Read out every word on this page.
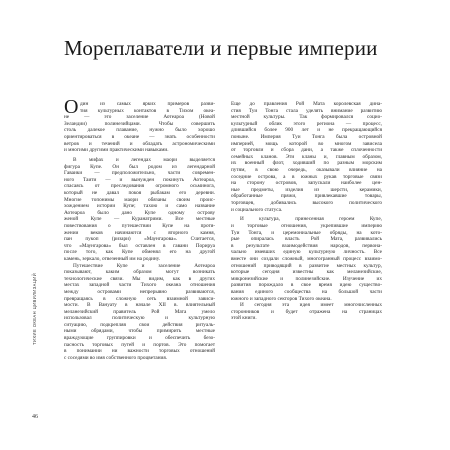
Мореплаватели и первые империи
О дин из самых ярких примеров разви-
тия культурных контактов в Тихом океа-
не — это заселение Аотеароа (Новой
Зеландии) полинезийцами. Чтобы совершить
столь далекое плавание, нужно было хорошо
ориентироваться в океане — знать особенности
ветров и течений и обладать астрономическими
и многими другими практическими навыками.
В мифах и легендах маори выделяется
фигура Купе. Он был родом из легендарной
Гаваики — предположительно, части современ-
ного Таити — и вынужден покинуть Аотеароа,
спасаясь от преследования огромного осьминога,
который не давал покоя рыбакам его деревни.
Многие топонимы маори обязаны своим проис-
хождением истории Купе; тахою и само название
Аотеароа было дано Купе одному острову
женой Купе — Куранатрими. Все местные
повествования о путешествии Купе на протя-
жении веков начинаются с вторного камня,
пан пукоп (ризари) «Маунгарова». Считается,
что «Маунгарова» был оставлен в гавани Порируа
после того, как Купе обменял его на другой
камень, зеркало, отвезенный им на родину.
Путешествие Купе и заселение Аотеароа
показывают, каким образом могут возникать
технологические связи. Мы видим, как в других
местах западной части Тихого океана отношения
между островами непрерывно развиваются,
превращаясь в сложную сеть взаимной зависи-
мости. В Вануату в начале XII в. влиятельный
меланезийский правитель Рой Мата умело
использовал политическую и культурную
ситуацию, подкрепляя свои действия ритуаль-
ными обрядами, чтобы примирить местные
враждующие группировки и обеспечить безо-
пасность торговых путей и портов. Это помогает
в понимании ни важности торговых отношений
с соседями во имя собственного процветания.
Еще до правления Рой Мата королевская дина-
стия Туи Тонга стала уделять внимание развитию
местной культуры. Так формировался социо-
культурный облик этого региона — процесс,
длившийся более 900 лет и не прекращающийся
поныне. Империя Туи Тонга была островной
империей, мощь которой во многом зависела
от торговли и сбора дани, а также сплоченности
семейных кланов. Эти кланы и, главным образом,
их военный флот, ходивший по разным морским
путям, в свою очередь, оказывали влияние на
соседние острова, а в южных рукав торговые связи
на сторону островов, запускали наиболее цен-
ные предметы, изделия из шерсти, керамики,
обработанные пряжи, привлекавшие товары,
торговцев, добивались высокого политического
и социального статуса.
И культура, принесенная героем Купе,
и торговые отношения, укрепившие империю
Туи Тонга, и церемониальные обряды, на кото-
рые опиралась власть Рой Мата, развивались
в результате взаимодействия народов, первона-
чально имевших единую культурную личность. Все
вместе они создали сложный, многогранный процесс взаимо-
отношений приводящий в развитие местных культур,
которые сегодня известны как меланезийские,
микронезийские и полинезийские. Изучение их
развития порождало в свое время идею существо-
вания единого сообщества на большой части
южного и западного секторов Тихого океана.
И сегодня эта идея имеет многочисленных
сторонников и будет отражена на страницах
этой книги.
ТИХИЕ ОКЕАН ЦИВИЛИЗАЦИЙ
46
